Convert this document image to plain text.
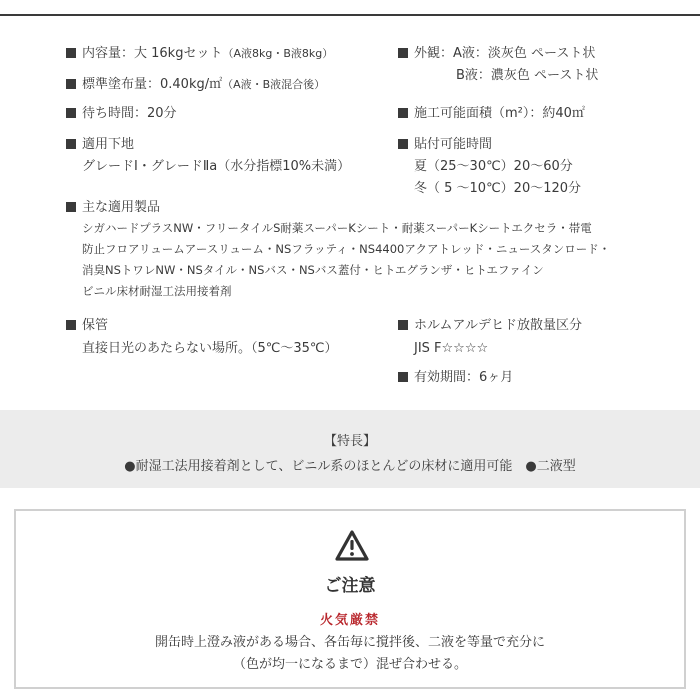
内容量：大 16kgセット（A液8kg・B液8kg）
標準塗布量：0.40kg/㎡（A液・B液混合後）
待ち時間：20分
適用下地
グレードⅠ・グレードⅡa（水分指標10%未満）
主な適用製品
シガハードプラスNW・フリータイルS耐薬スーパーKシート・耐薬スーパーKシートエクセラ・帯電
防止フロアリュームアースリューム・NSフラッティ・NS4400アクアトレッド・ニュースタンロード・
消臭NSトワレNW・NSタイル・NSバス・NSバス蓋付・ヒトエグランザ・ヒトエファイン
ビニル床材耐湿工法用接着剤
保管
直接日光のあたらない場所。（5℃〜35℃）
外観：A液：淡灰色 ペースト状
B液：濃灰色 ペースト状
施工可能面積（m²）：約40㎡
貼付可能時間
夏（25〜30℃）20〜60分
冬（ 5 〜10℃）20〜120分
ホルムアルデヒド放散量区分
JIS F☆☆☆☆
有効期間：6ヶ月
【特長】
●耐湿工法用接着剤として、ビニル系のほとんどの床材に適用可能　●二液型
ご注意
火気厳禁
開缶時上澄み液がある場合、各缶毎に撹拌後、二液を等量で充分に
（色が均一になるまで）混ぜ合わせる。
